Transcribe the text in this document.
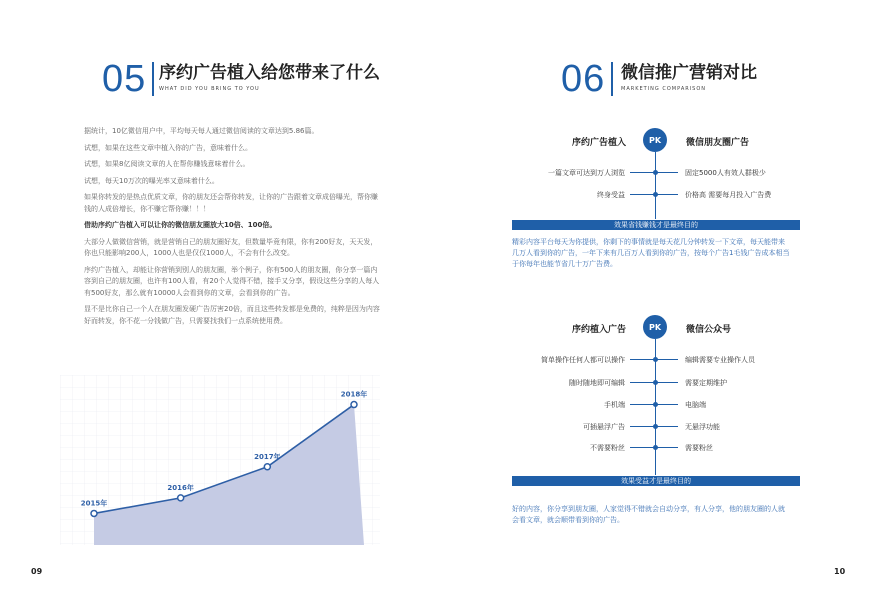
05 序约广告植入给您带来了什么
WHAT DID YOU BRING TO YOU

据统计，10亿微信用户中，平均每天每人通过微信阅读的文章达到5.86篇。

试想，如果在这些文章中植入你的广告，意味着什么。

试想，如果8亿阅读文章的人在帮你赚钱意味着什么。

试想，每天10万次的曝光率又意味着什么。

如果你转发的是热点优质文章，你的朋友还会帮你转发，让你的广告跟着文章成倍曝光，帮你赚钱的人成倍增长，你不赚它帮你赚！！！

借助序约广告植入可以让你的微信朋友圈放大10倍、100倍。

大部分人做微信营销，就是营销自己的朋友圈好友，但数量毕竟有限，你有200好友，天天发，你也只能影响200人，1000人也是仅仅1000人，不会有什么改变。

序约广告植入，却能让你营销到别人的朋友圈，举个例子，你有500人的朋友圈，你分享一篇内容到自己的朋友圈，也许有100人看，有20个人觉得不错，接手又分享，假设这些分享的人每人有500好友，那么就有10000人会看到你的文章，会看到你的广告。

显不是比你自己一个人在朋友圈发硬广告厉害20倍，而且这些转发都是免费的，纯粹是因为内容好而转发，你不花一分钱做广告，只需要找我们一点系统使用费。

2015年
2016年
2017年
2018年
09
06 微信推广营销对比
MARKETING COMPARISON
序约广告植入	PK	微信朋友圈广告
一篇文章可达到万人浏览	固定5000人有效人群极少
终身受益	价格高 需要每月投入广告费
效果省钱赚钱才是最终目的
精彩内容平台每天为你提供，你剩下的事情就是每天花几分钟转发一下文章，每天能带来几万人看到你的广告，一年下来有几百万人看到你的广告，按每个广告1毛钱广告成本相当于你每年也能节省几十万广告费。
序约植入广告	PK	微信公众号
简单操作任何人都可以操作	编辑需要专业操作人员
随时随地即可编辑	需要定期维护
手机端	电脑端
可插悬浮广告	无悬浮功能
不需要粉丝	需要粉丝
效果受益才是最终目的
好的内容，你分享到朋友圈，人家觉得不错就会自动分享，有人分享，他的朋友圈的人就会看文章，就会顺带看到你的广告。
10
